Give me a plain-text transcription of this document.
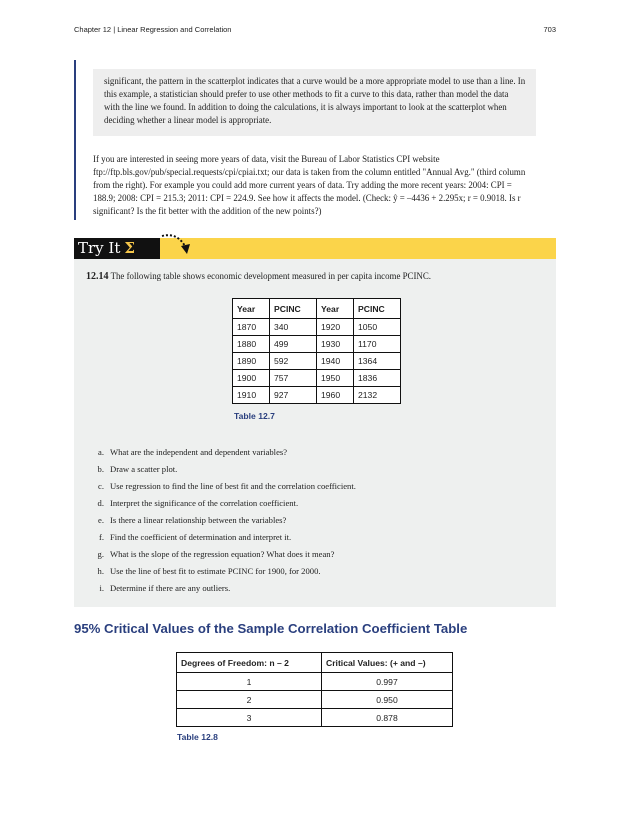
Chapter 12 | Linear Regression and Correlation	703

significant, the pattern in the scatterplot indicates that a curve would be a more appropriate model to use than a line. In this example, a statistician should prefer to use other methods to fit a curve to this data, rather than model the data with the line we found. In addition to doing the calculations, it is always important to look at the scatterplot when deciding whether a linear model is appropriate.

If you are interested in seeing more years of data, visit the Bureau of Labor Statistics CPI website ftp://ftp.bls.gov/pub/special.requests/cpi/cpiai.txt; our data is taken from the column entitled "Annual Avg." (third column from the right). For example you could add more current years of data. Try adding the more recent years: 2004: CPI = 188.9; 2008: CPI = 215.3; 2011: CPI = 224.9. See how it affects the model. (Check: ŷ = –4436 + 2.295x; r = 0.9018. Is r significant? Is the fit better with the addition of the new points?)

Try It Σ
12.14 The following table shows economic development measured in per capita income PCINC.
Year	PCINC	Year	PCINC
1870	340	1920	1050
1880	499	1930	1170
1890	592	1940	1364
1900	757	1950	1836
1910	927	1960	2132
Table 12.7
a. What are the independent and dependent variables?
b. Draw a scatter plot.
c. Use regression to find the line of best fit and the correlation coefficient.
d. Interpret the significance of the correlation coefficient.
e. Is there a linear relationship between the variables?
f. Find the coefficient of determination and interpret it.
g. What is the slope of the regression equation? What does it mean?
h. Use the line of best fit to estimate PCINC for 1900, for 2000.
i. Determine if there are any outliers.
95% Critical Values of the Sample Correlation Coefficient Table
Degrees of Freedom: n – 2	Critical Values: (+ and –)
1	0.997
2	0.950
3	0.878
Table 12.8
